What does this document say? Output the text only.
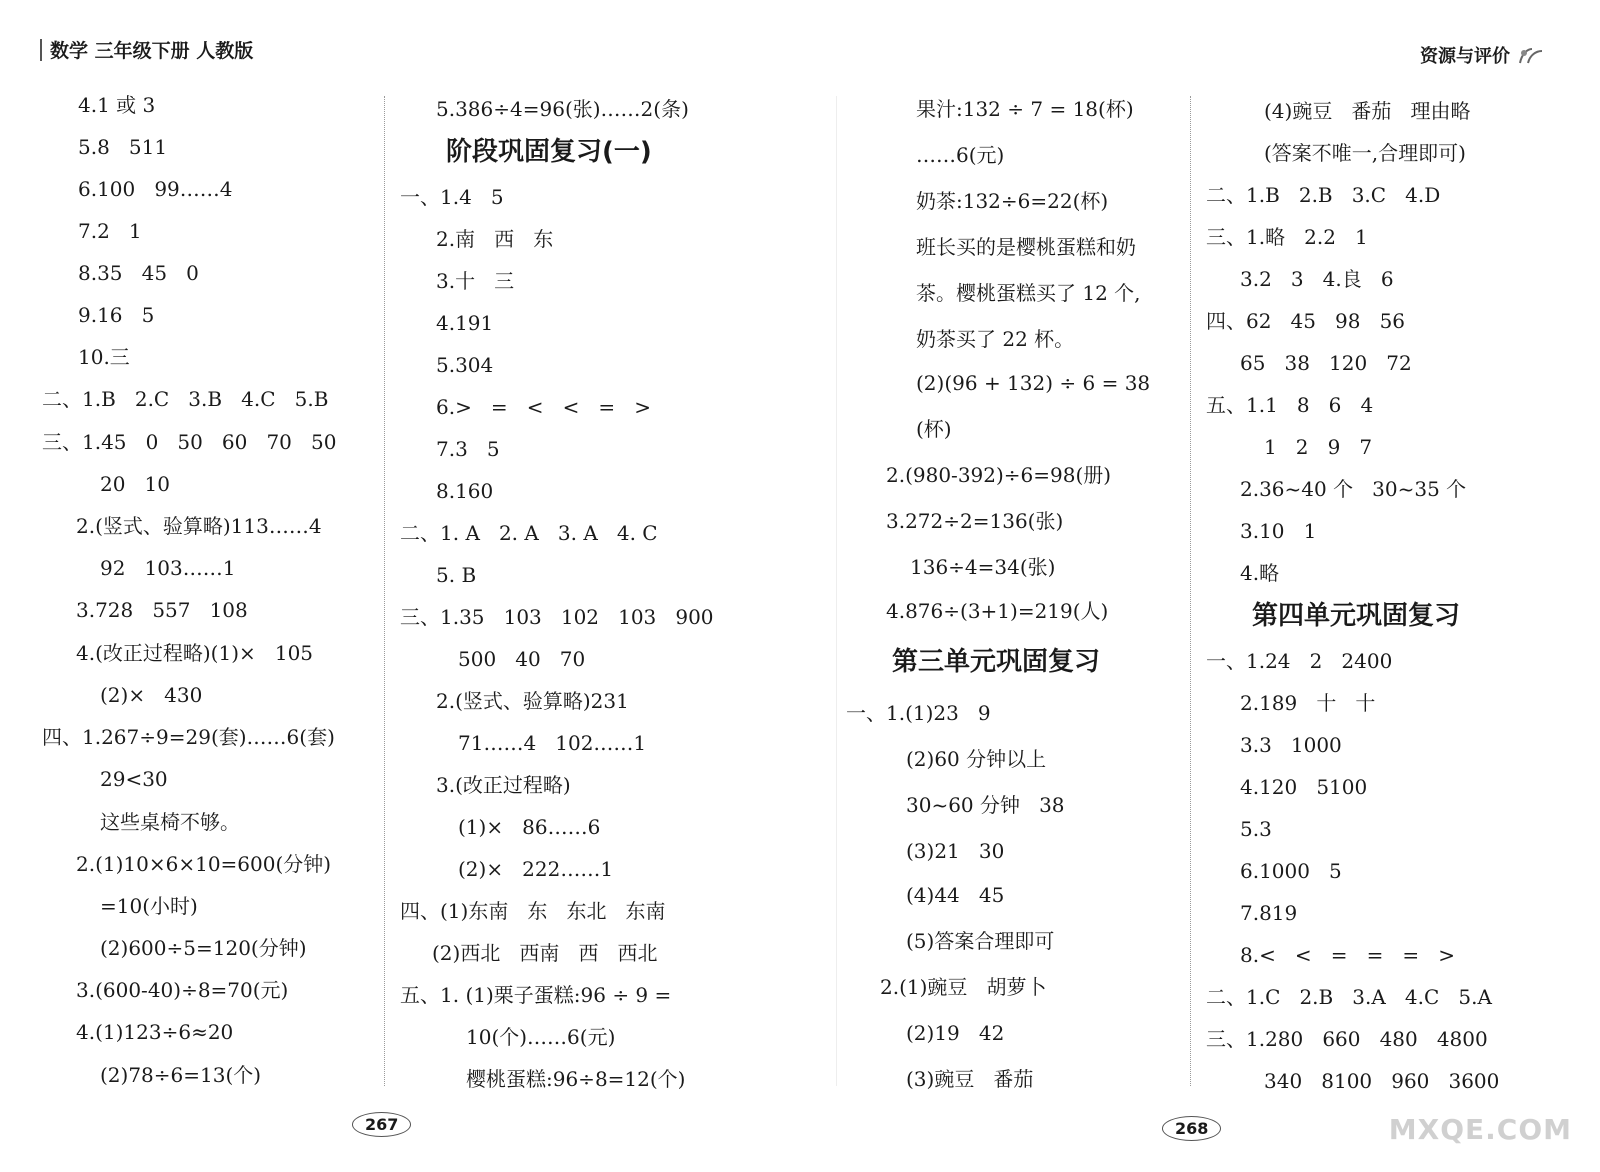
数学 三年级下册 人教版	资源与评价
4.1 或 3
5.8   511
6.100   99……4
7.2   1
8.35   45   0
9.16   5
10.三
二、1.B   2.C   3.B   4.C   5.B
三、1.45   0   50   60   70   50
20   10
2.(竖式、验算略)113……4
92   103……1
3.728   557   108
4.(改正过程略)(1)×   105
(2)×   430
四、1.267÷9=29(套)……6(套)
29<30
这些桌椅不够。
2.(1)10×6×10=600(分钟)
=10(小时)
(2)600÷5=120(分钟)
3.(600-40)÷8=70(元)
4.(1)123÷6≈20
(2)78÷6=13(个)
5.386÷4=96(张)……2(条)
阶段巩固复习(一)
一、1.4   5
2.南   西   东
3.十   三
4.191
5.304
6.>   =   <   <   =   >
7.3   5
8.160
二、1. A   2. A   3. A   4. C
5. B
三、1.35   103   102   103   900
500   40   70
2.(竖式、验算略)231
71……4   102……1
3.(改正过程略)
(1)×   86……6
(2)×   222……1
四、(1)东南   东   东北   东南
(2)西北   西南   西   西北
五、1. (1)栗子蛋糕:96 ÷ 9 =
10(个)……6(元)
樱桃蛋糕:96÷8=12(个)
果汁:132 ÷ 7 = 18(杯)
……6(元)
奶茶:132÷6=22(杯)
班长买的是樱桃蛋糕和奶
茶。樱桃蛋糕买了 12 个,
奶茶买了 22 杯。
(2)(96 + 132) ÷ 6 = 38
(杯)
2.(980-392)÷6=98(册)
3.272÷2=136(张)
136÷4=34(张)
4.876÷(3+1)=219(人)
第三单元巩固复习
一、1.(1)23   9
(2)60 分钟以上
30~60 分钟   38
(3)21   30
(4)44   45
(5)答案合理即可
2.(1)豌豆   胡萝卜
(2)19   42
(3)豌豆   番茄
(4)豌豆   番茄   理由略
(答案不唯一,合理即可)
二、1.B   2.B   3.C   4.D
三、1.略   2.2   1
3.2   3   4.良   6
四、62   45   98   56
65   38   120   72
五、1.1   8   6   4
1   2   9   7
2.36~40 个   30~35 个
3.10   1
4.略
第四单元巩固复习
一、1.24   2   2400
2.189   十   十
3.3   1000
4.120   5100
5.3
6.1000   5
7.819
8.<   <   =   =   =   >
二、1.C   2.B   3.A   4.C   5.A
三、1.280   660   480   4800
340   8100   960   3600
267	268	MXQE.COM
